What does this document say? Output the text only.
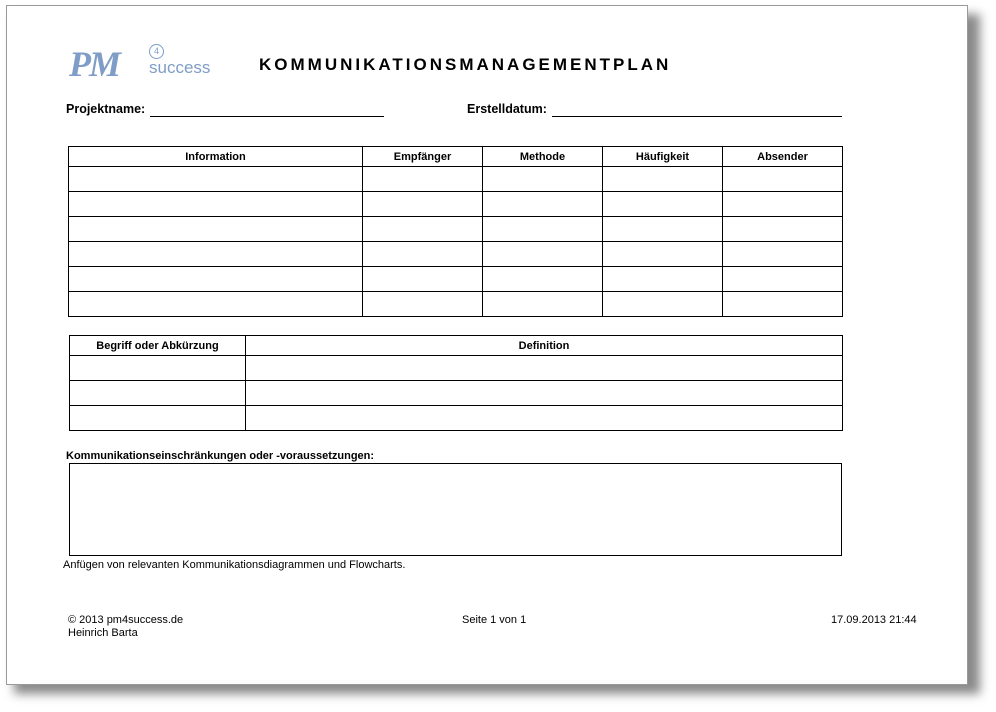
PM	4
success	KOMMUNIKATIONSMANAGEMENTPLAN
Projektname:	Erstelldatum:
Information	Empfänger	Methode	Häufigkeit	Absender

Begriff oder Abkürzung	Definition

Kommunikationseinschränkungen oder -voraussetzungen:
Anfügen von relevanten Kommunikationsdiagrammen und Flowcharts.
© 2013 pm4success.de
Heinrich Barta
Seite 1 von 1	17.09.2013 21:44
